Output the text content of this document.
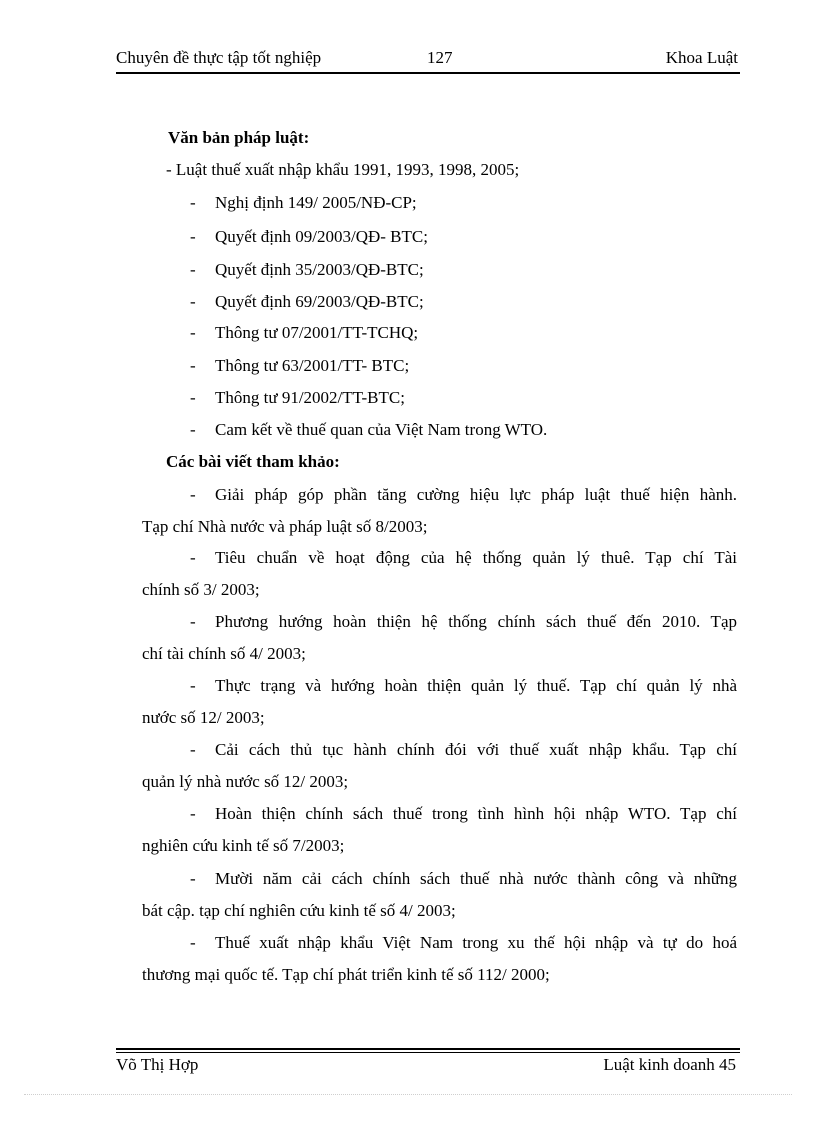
Chuyên đề thực tập tốt nghiệp	127	Khoa Luật
Văn bản pháp luật:
- Luật thuế xuất nhập khẩu 1991, 1993, 1998, 2005;
- Nghị định 149/ 2005/NĐ-CP;
- Quyết định 09/2003/QĐ- BTC;
- Quyết định 35/2003/QĐ-BTC;
- Quyết định 69/2003/QĐ-BTC;
- Thông tư 07/2001/TT-TCHQ;
- Thông tư 63/2001/TT- BTC;
- Thông tư 91/2002/TT-BTC;
- Cam kết về thuế quan của Việt Nam trong WTO.
Các bài viết tham khảo:
- Giải pháp góp phần tăng cường hiệu lực pháp luật thuế hiện hành.
Tạp chí Nhà nước và pháp luật số 8/2003;
- Tiêu chuẩn về hoạt động của hệ thống quản lý thuê. Tạp chí Tài
chính số 3/ 2003;
- Phương hướng hoàn thiện hệ thống chính sách thuế đến 2010. Tạp
chí tài chính số 4/ 2003;
- Thực trạng và hướng hoàn thiện quản lý thuế. Tạp chí quản lý nhà
nước số 12/ 2003;
- Cải cách thủ tục hành chính đói với thuế xuất nhập khẩu. Tạp chí
quản lý nhà nước số 12/ 2003;
- Hoàn thiện chính sách thuế trong tình hình hội nhập WTO. Tạp chí
nghiên cứu kinh tế số 7/2003;
- Mười năm cải cách chính sách thuế nhà nước thành công và những
bát cập. tạp chí nghiên cứu kinh tế số 4/ 2003;
- Thuế xuất nhập khẩu Việt Nam trong xu thế hội nhập và tự do hoá
thương mại quốc tế. Tạp chí phát triển kinh tế số 112/ 2000;
Võ Thị Hợp	Luật kinh doanh 45
